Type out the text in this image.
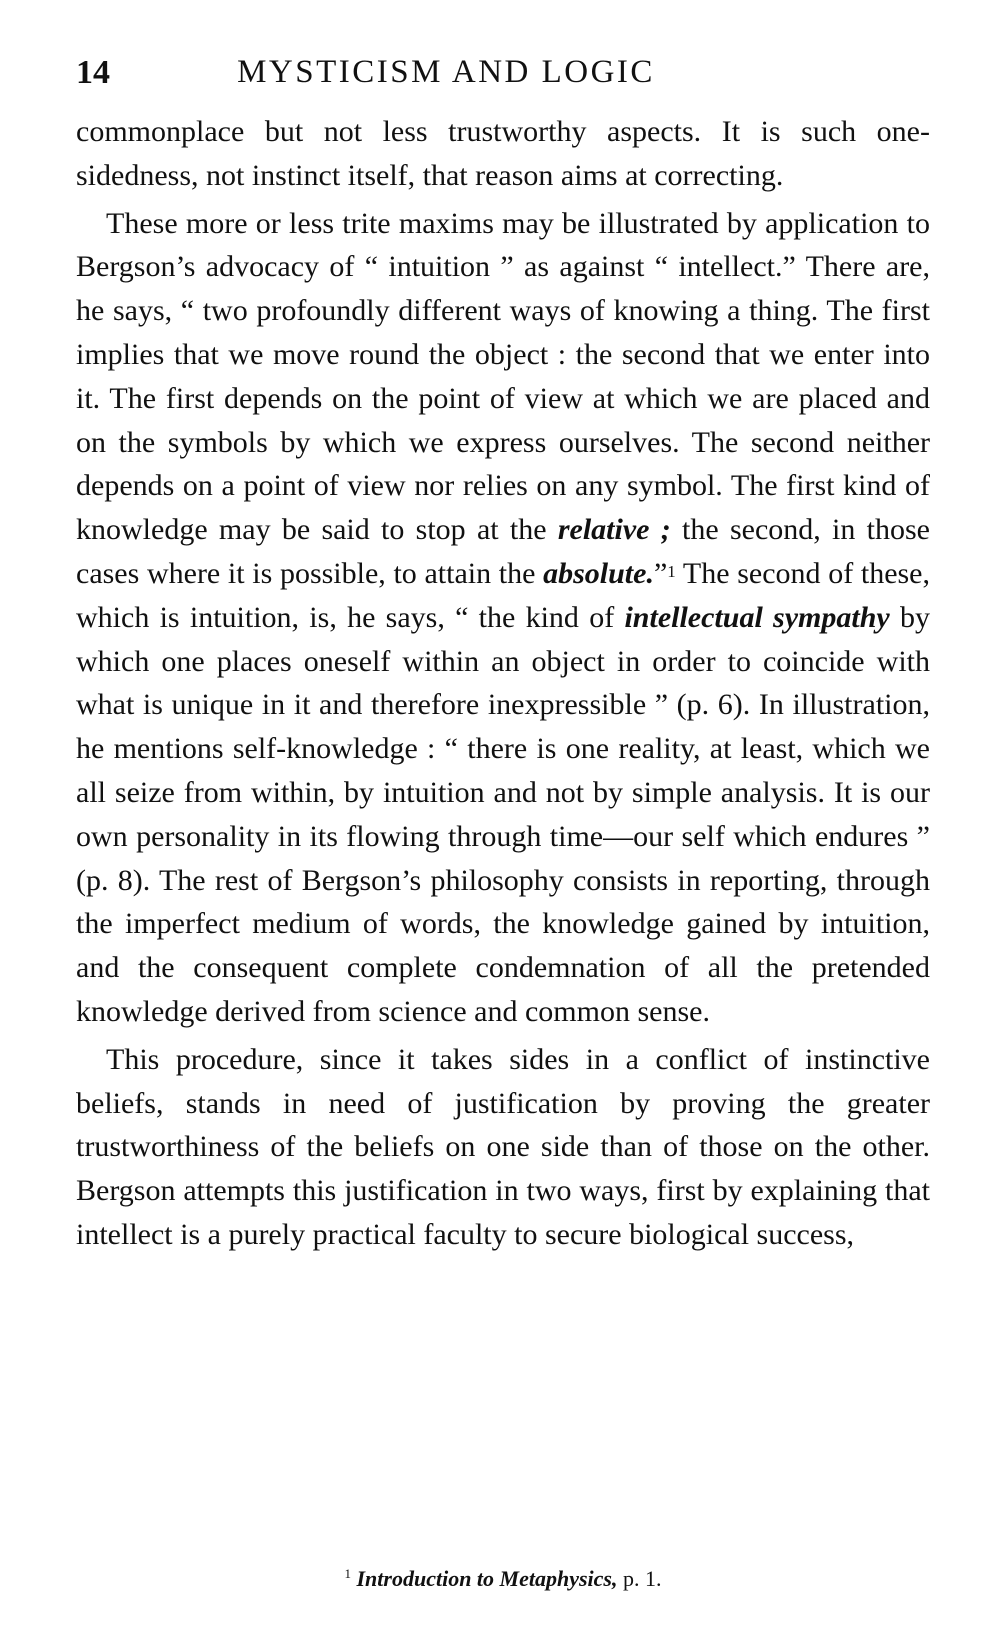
14	MYSTICISM AND LOGIC

commonplace but not less trustworthy aspects. It is such one-sidedness, not instinct itself, that reason aims at correcting.

These more or less trite maxims may be illustrated by application to Bergson’s advocacy of “ intuition ” as against “ intellect.” There are, he says, “ two profoundly different ways of knowing a thing. The first implies that we move round the object : the second that we enter into it. The first depends on the point of view at which we are placed and on the symbols by which we express ourselves. The second neither depends on a point of view nor relies on any symbol. The first kind of knowledge may be said to stop at the relative ; the second, in those cases where it is possible, to attain the absolute.”$^1$ The second of these, which is intuition, is, he says, “ the kind of intellectual sympathy by which one places oneself within an object in order to coincide with what is unique in it and therefore inexpressible ” (p. 6). In illustration, he mentions self-knowledge : “ there is one reality, at least, which we all seize from within, by intuition and not by simple analysis. It is our own personality in its flowing through time—our self which endures ” (p. 8). The rest of Bergson’s philosophy consists in reporting, through the imperfect medium of words, the knowledge gained by intuition, and the consequent complete condemnation of all the pretended knowledge derived from science and common sense.

This procedure, since it takes sides in a conflict of instinctive beliefs, stands in need of justification by proving the greater trustworthiness of the beliefs on one side than of those on the other. Bergson attempts this justification in two ways, first by explaining that intellect is a purely practical faculty to secure biological success,

$^1$ Introduction to Metaphysics, p. 1.
